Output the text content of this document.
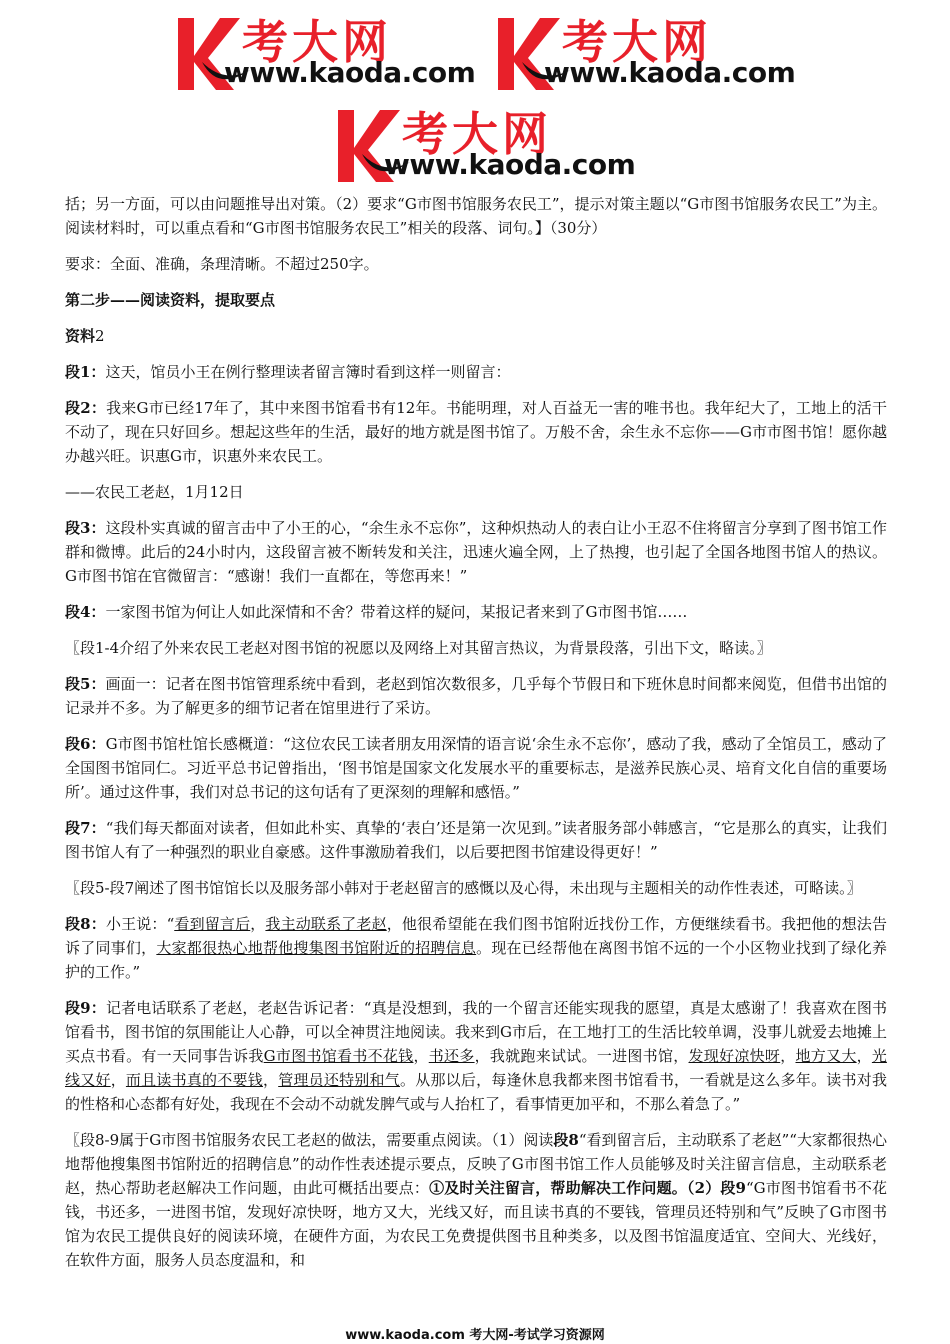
考大网
www.kaoda.com
考大网
www.kaoda.com
考大网
www.kaoda.com

括；另一方面，可以由问题推导出对策。（2）要求“G市图书馆服务农民工”，提示对策主题以“G市图书馆服务农民工”为主。阅读材料时，可以重点看和“G市图书馆服务农民工”相关的段落、词句。】（30分）

要求：全面、准确，条理清晰。不超过250字。

第二步——阅读资料，提取要点

资料2

段1：这天，馆员小王在例行整理读者留言簿时看到这样一则留言：

段2：我来G市已经17年了，其中来图书馆看书有12年。书能明理，对人百益无一害的唯书也。我年纪大了，工地上的活干不动了，现在只好回乡。想起这些年的生活，最好的地方就是图书馆了。万般不舍，余生永不忘你——G市市图书馆！愿你越办越兴旺。识惠G市，识惠外来农民工。

——农民工老赵，1月12日

段3：这段朴实真诚的留言击中了小王的心，“余生永不忘你”，这种炽热动人的表白让小王忍不住将留言分享到了图书馆工作群和微博。此后的24小时内，这段留言被不断转发和关注，迅速火遍全网，上了热搜，也引起了全国各地图书馆人的热议。G市图书馆在官微留言：“感谢！我们一直都在，等您再来！”

段4：一家图书馆为何让人如此深情和不舍？带着这样的疑问，某报记者来到了G市图书馆……

〖段1-4介绍了外来农民工老赵对图书馆的祝愿以及网络上对其留言热议，为背景段落，引出下文，略读。〗

段5：画面一：记者在图书馆管理系统中看到，老赵到馆次数很多，几乎每个节假日和下班休息时间都来阅览，但借书出馆的记录并不多。为了解更多的细节记者在馆里进行了采访。

段6：G市图书馆杜馆长感概道：“这位农民工读者朋友用深情的语言说‘余生永不忘你’，感动了我，感动了全馆员工，感动了全国图书馆同仁。习近平总书记曾指出，‘图书馆是国家文化发展水平的重要标志，是滋养民族心灵、培育文化自信的重要场所’。通过这件事，我们对总书记的这句话有了更深刻的理解和感悟。”

段7：“我们每天都面对读者，但如此朴实、真挚的‘表白’还是第一次见到。”读者服务部小韩感言，“它是那么的真实，让我们图书馆人有了一种强烈的职业自豪感。这件事激励着我们，以后要把图书馆建设得更好！”

〖段5-段7阐述了图书馆馆长以及服务部小韩对于老赵留言的感慨以及心得，未出现与主题相关的动作性表述，可略读。〗

段8：小王说：“看到留言后，我主动联系了老赵，他很希望能在我们图书馆附近找份工作，方便继续看书。我把他的想法告诉了同事们，大家都很热心地帮他搜集图书馆附近的招聘信息。现在已经帮他在离图书馆不远的一个小区物业找到了绿化养护的工作。”

段9：记者电话联系了老赵，老赵告诉记者：“真是没想到，我的一个留言还能实现我的愿望，真是太感谢了！我喜欢在图书馆看书，图书馆的氛围能让人心静，可以全神贯注地阅读。我来到G市后，在工地打工的生活比较单调，没事儿就爱去地摊上买点书看。有一天同事告诉我G市图书馆看书不花钱，书还多，我就跑来试试。一进图书馆，发现好凉快呀，地方又大，光线又好，而且读书真的不要钱，管理员还特别和气。从那以后，每逢休息我都来图书馆看书，一看就是这么多年。读书对我的性格和心态都有好处，我现在不会动不动就发脾气或与人抬杠了，看事情更加平和，不那么着急了。”

〖段8-9属于G市图书馆服务农民工老赵的做法，需要重点阅读。（1）阅读段8“看到留言后，主动联系了老赵”“大家都很热心地帮他搜集图书馆附近的招聘信息”的动作性表述提示要点，反映了G市图书馆工作人员能够及时关注留言信息，主动联系老赵，热心帮助老赵解决工作问题，由此可概括出要点：①及时关注留言，帮助解决工作问题。（2）段9“G市图书馆看书不花钱，书还多，一进图书馆，发现好凉快呀，地方又大，光线又好，而且读书真的不要钱，管理员还特别和气”反映了G市图书馆为农民工提供良好的阅读环境，在硬件方面，为农民工免费提供图书且种类多，以及图书馆温度适宜、空间大、光线好，在软件方面，服务人员态度温和，和

www.kaoda.com 考大网-考试学习资源网
